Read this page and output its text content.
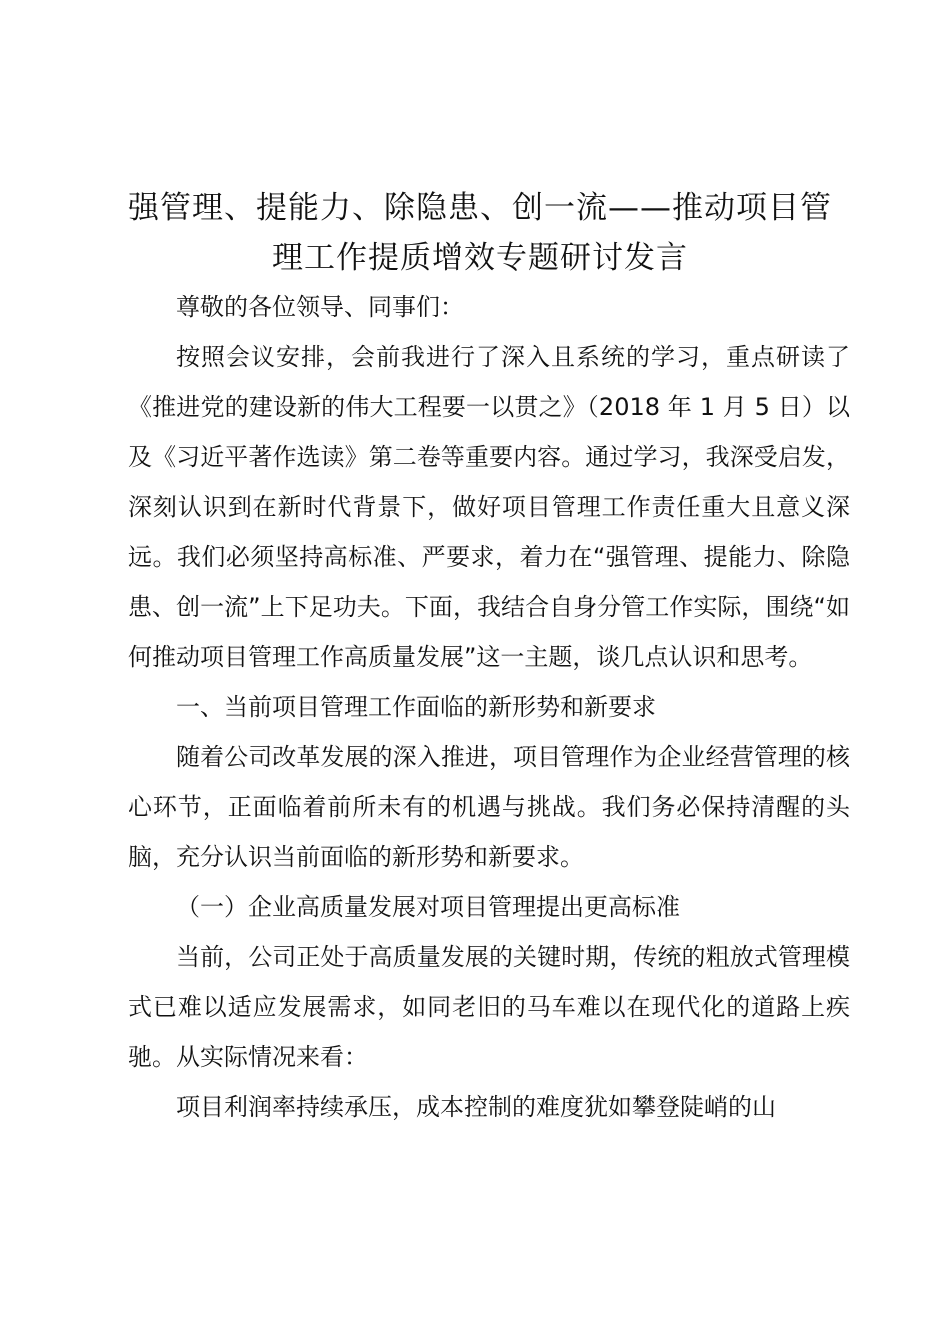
强管理、提能力、除隐患、创一流——推动项目管理工作提质增效专题研讨发言

尊敬的各位领导、同事们：

按照会议安排，会前我进行了深入且系统的学习，重点研读了《推进党的建设新的伟大工程要一以贯之》（2018 年 1 月 5 日）以及《习近平著作选读》第二卷等重要内容。通过学习，我深受启发，深刻认识到在新时代背景下，做好项目管理工作责任重大且意义深远。我们必须坚持高标准、严要求，着力在“强管理、提能力、除隐患、创一流”上下足功夫。下面，我结合自身分管工作实际，围绕“如何推动项目管理工作高质量发展”这一主题，谈几点认识和思考。

一、当前项目管理工作面临的新形势和新要求

随着公司改革发展的深入推进，项目管理作为企业经营管理的核心环节，正面临着前所未有的机遇与挑战。我们务必保持清醒的头脑，充分认识当前面临的新形势和新要求。

（一）企业高质量发展对项目管理提出更高标准

当前，公司正处于高质量发展的关键时期，传统的粗放式管理模式已难以适应发展需求，如同老旧的马车难以在现代化的道路上疾驰。从实际情况来看：

项目利润率持续承压，成本控制的难度犹如攀登陡峭的山
